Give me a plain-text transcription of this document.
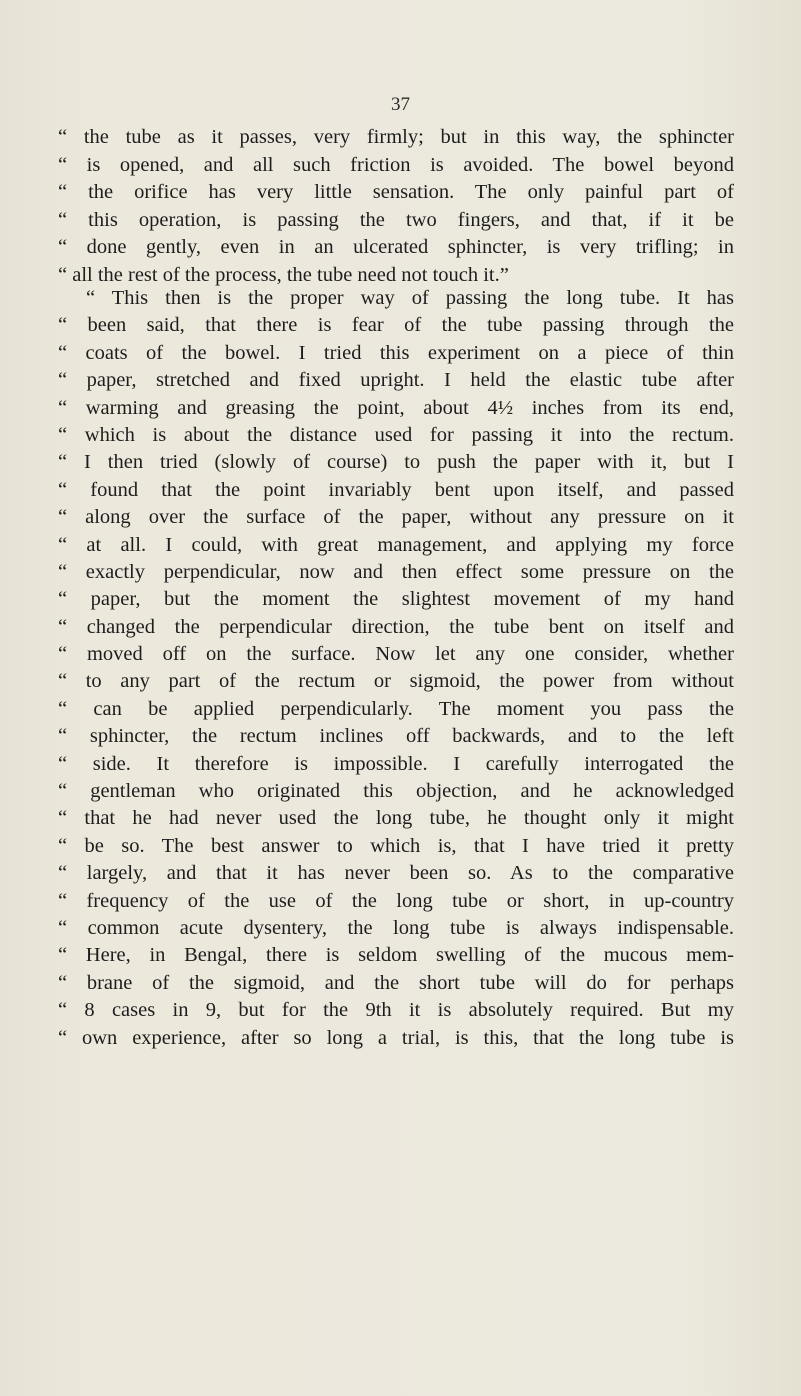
37
“ the tube as it passes, very firmly; but in this way, the sphincter
“ is opened, and all such friction is avoided. The bowel beyond
“ the orifice has very little sensation. The only painful part of
“ this operation, is passing the two fingers, and that, if it be
“ done gently, even in an ulcerated sphincter, is very trifling; in
“ all the rest of the process, the tube need not touch it.”
“ This then is the proper way of passing the long tube. It has
“ been said, that there is fear of the tube passing through the
“ coats of the bowel. I tried this experiment on a piece of thin
“ paper, stretched and fixed upright. I held the elastic tube after
“ warming and greasing the point, about 4½ inches from its end,
“ which is about the distance used for passing it into the rectum.
“ I then tried (slowly of course) to push the paper with it, but I
“ found that the point invariably bent upon itself, and passed
“ along over the surface of the paper, without any pressure on it
“ at all. I could, with great management, and applying my force
“ exactly perpendicular, now and then effect some pressure on the
“ paper, but the moment the slightest movement of my hand
“ changed the perpendicular direction, the tube bent on itself and
“ moved off on the surface. Now let any one consider, whether
“ to any part of the rectum or sigmoid, the power from without
“ can be applied perpendicularly. The moment you pass the
“ sphincter, the rectum inclines off backwards, and to the left
“ side. It therefore is impossible. I carefully interrogated the
“ gentleman who originated this objection, and he acknowledged
“ that he had never used the long tube, he thought only it might
“ be so. The best answer to which is, that I have tried it pretty
“ largely, and that it has never been so. As to the comparative
“ frequency of the use of the long tube or short, in up-country
“ common acute dysentery, the long tube is always indispensable.
“ Here, in Bengal, there is seldom swelling of the mucous mem-
“ brane of the sigmoid, and the short tube will do for perhaps
“ 8 cases in 9, but for the 9th it is absolutely required. But my
“ own experience, after so long a trial, is this, that the long tube is
